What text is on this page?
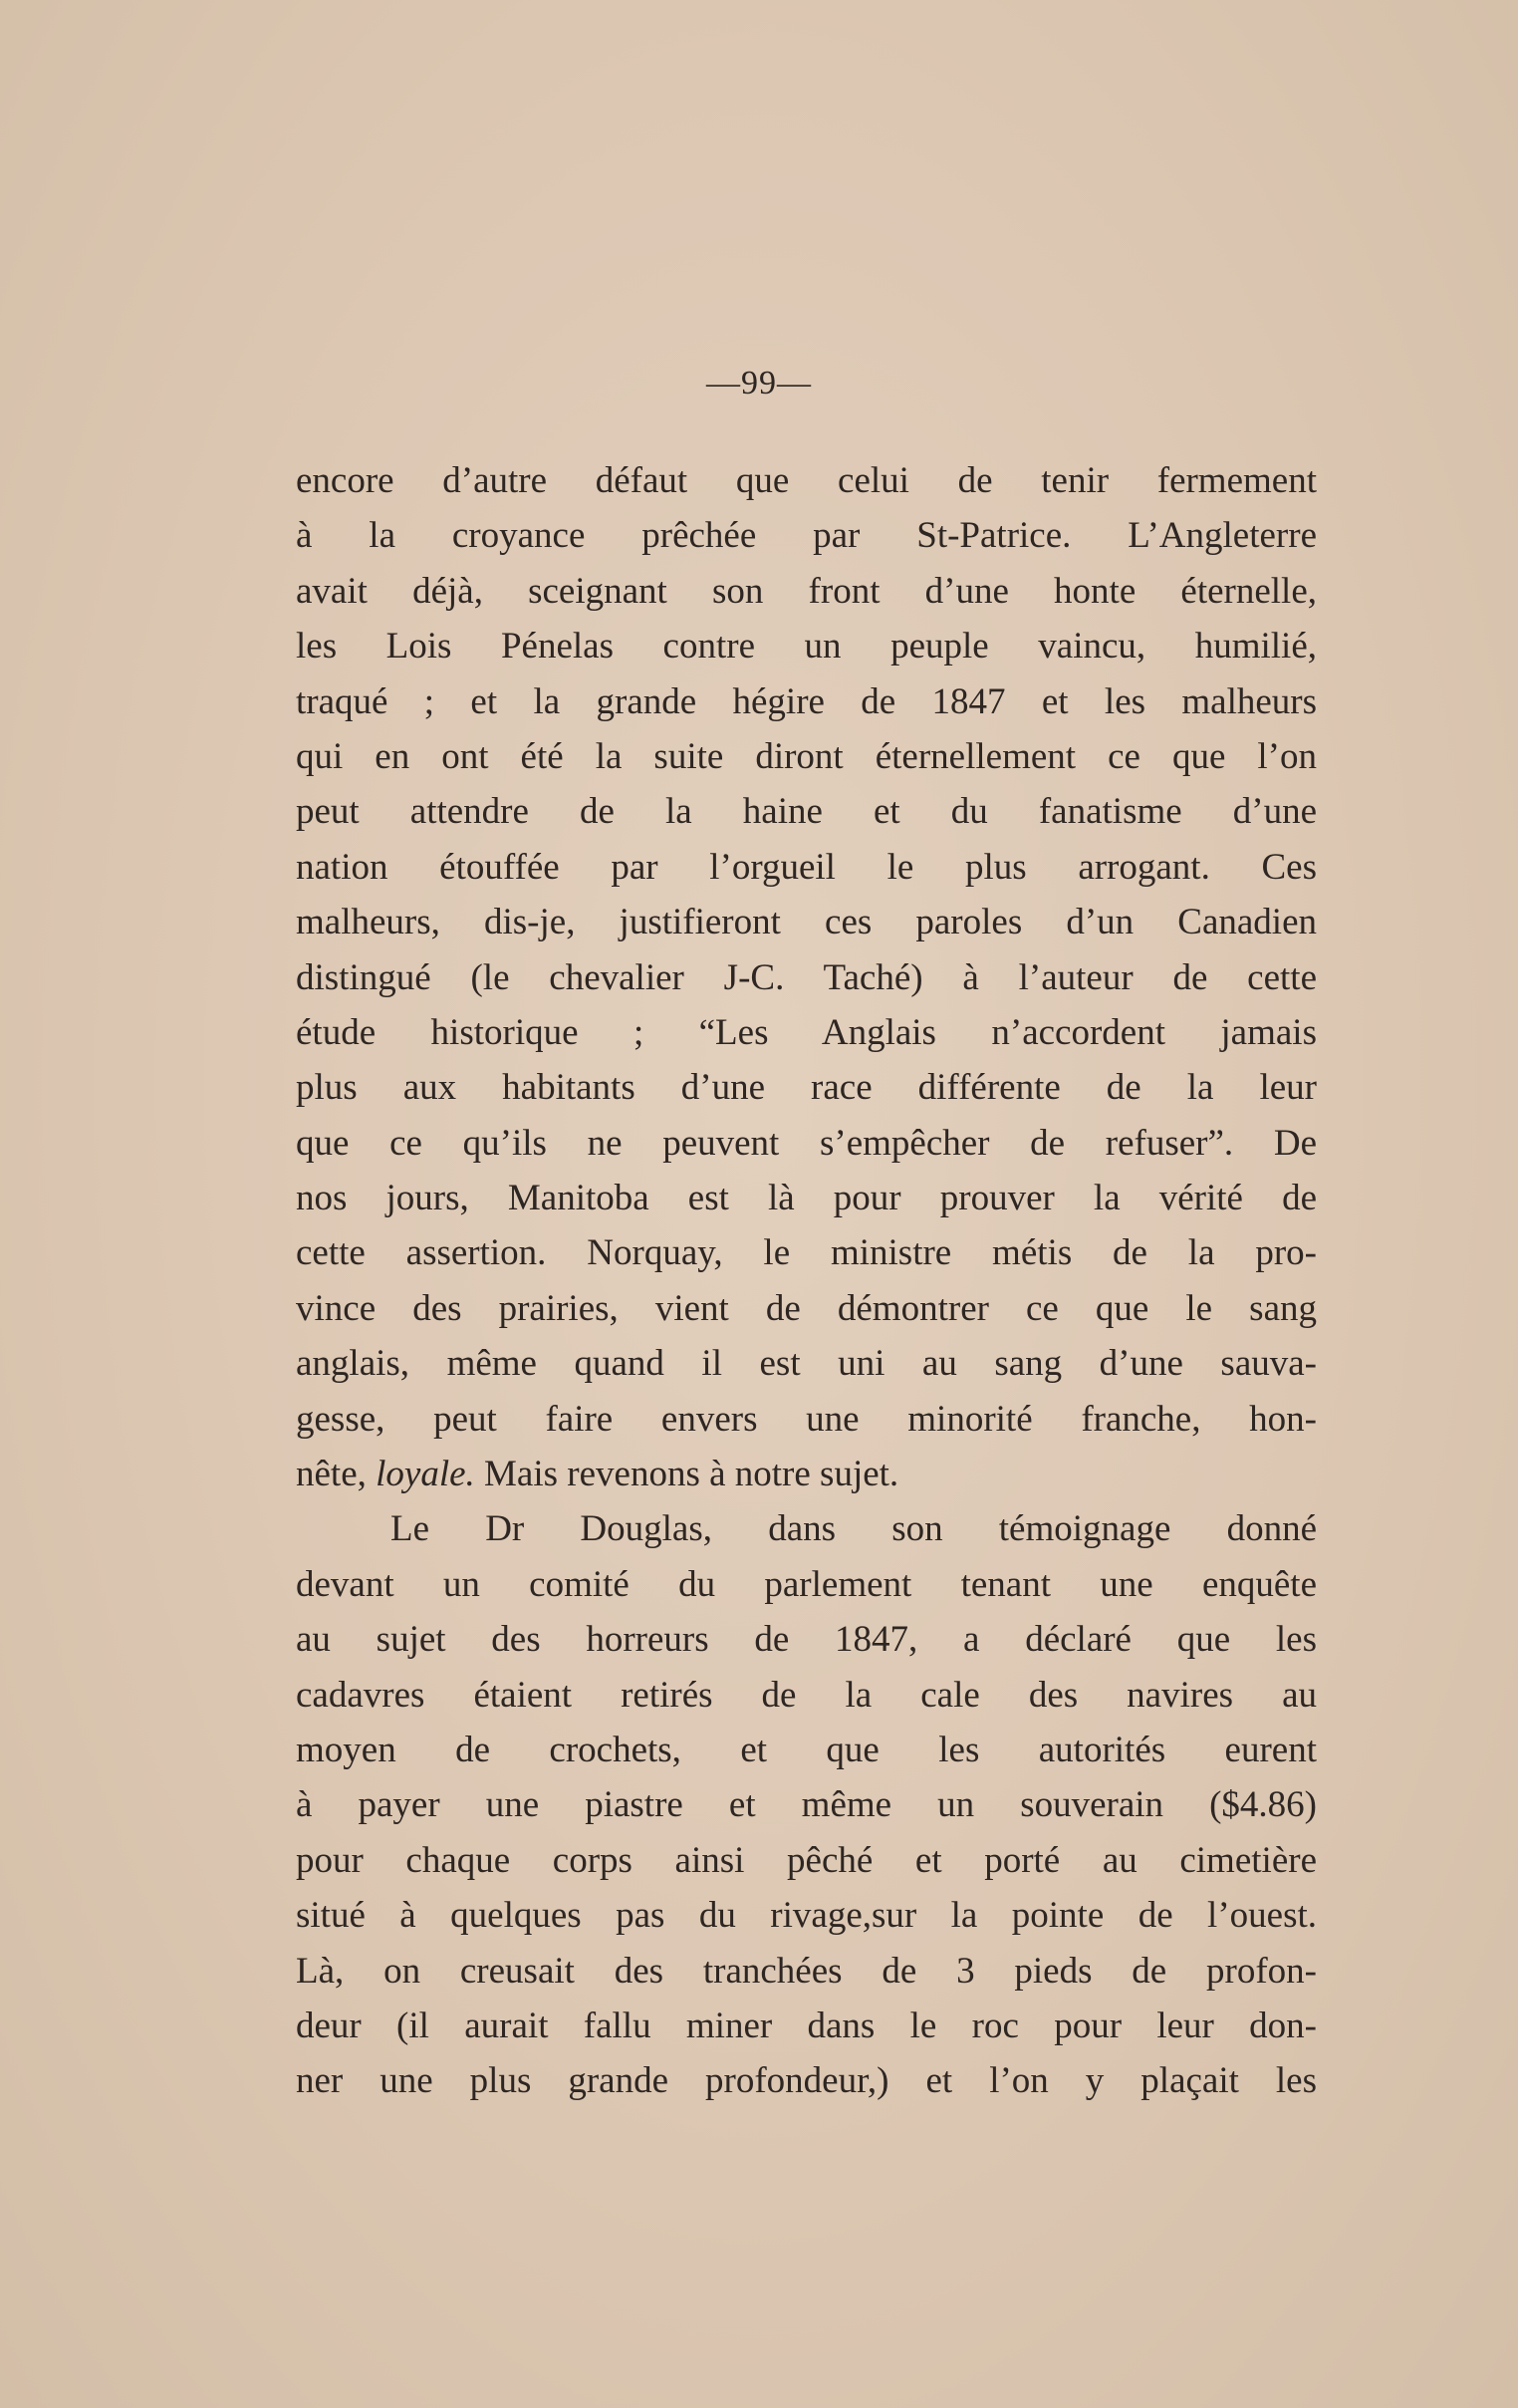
—99—
encore d’autre défaut que celui de tenir fermement
à la croyance prêchée par St-Patrice. L’Angleterre
avait déjà, sceignant son front d’une honte éternelle,
les Lois Pénelas contre un peuple vaincu, humilié,
traqué ; et la grande hégire de 1847 et les malheurs
qui en ont été la suite diront éternellement ce que l’on
peut attendre de la haine et du fanatisme d’une
nation étouffée par l’orgueil le plus arrogant. Ces
malheurs, dis-je, justifieront ces paroles d’un Canadien
distingué (le chevalier J-C. Taché) à l’auteur de cette
étude historique ; “Les Anglais n’accordent jamais
plus aux habitants d’une race différente de la leur
que ce qu’ils ne peuvent s’empêcher de refuser”. De
nos jours, Manitoba est là pour prouver la vérité de
cette assertion. Norquay, le ministre métis de la pro-
vince des prairies, vient de démontrer ce que le sang
anglais, même quand il est uni au sang d’une sauva-
gesse, peut faire envers une minorité franche, hon-
nête, loyale. Mais revenons à notre sujet.
Le Dr Douglas, dans son témoignage donné
devant un comité du parlement tenant une enquête
au sujet des horreurs de 1847, a déclaré que les
cadavres étaient retirés de la cale des navires au
moyen de crochets, et que les autorités eurent
à payer une piastre et même un souverain ($4.86)
pour chaque corps ainsi pêché et porté au cimetière
situé à quelques pas du rivage,sur la pointe de l’ouest.
Là, on creusait des tranchées de 3 pieds de profon-
deur (il aurait fallu miner dans le roc pour leur don-
ner une plus grande profondeur,) et l’on y plaçait les
